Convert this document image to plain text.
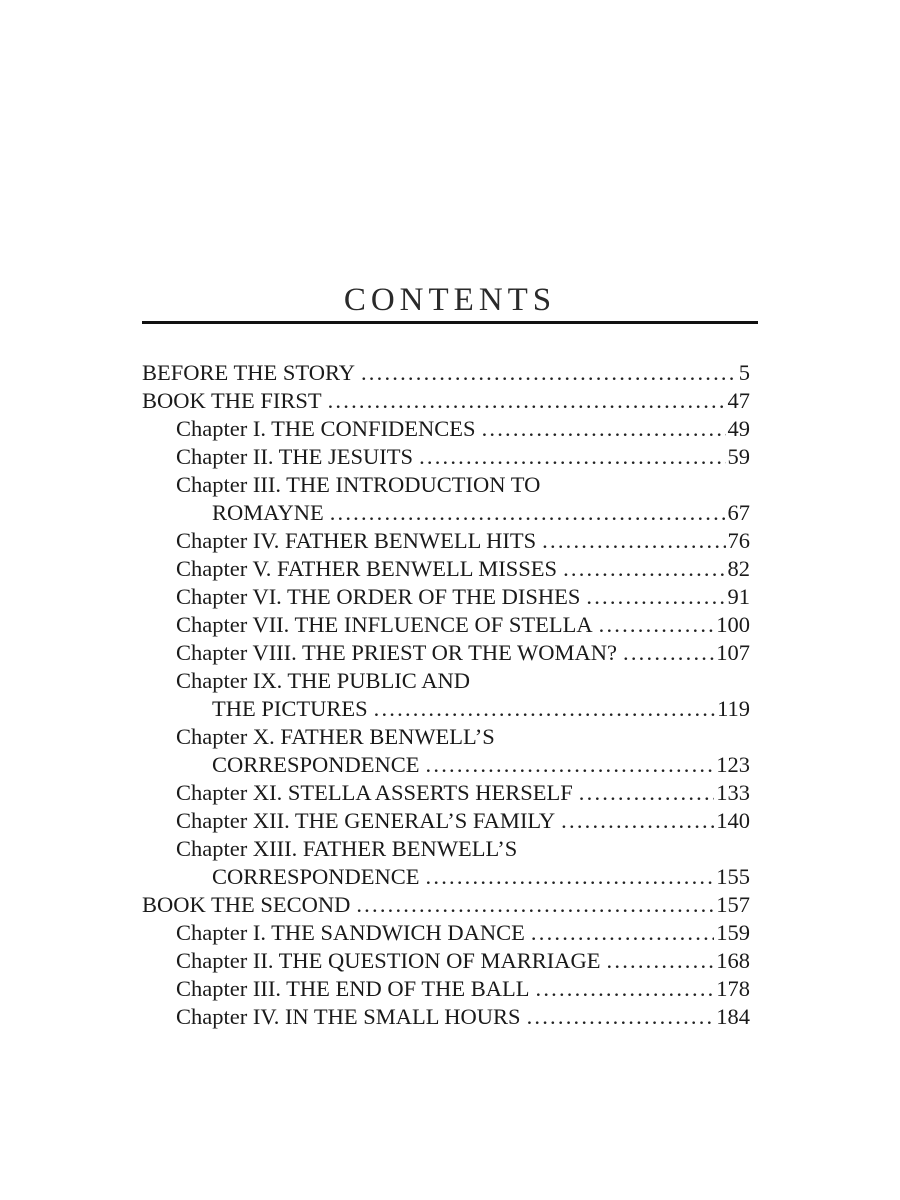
CONTENTS
BEFORE THE STORY .....	5
BOOK THE FIRST .....	47
Chapter I. THE CONFIDENCES .....	49
Chapter II. THE JESUITS .....	59
Chapter III. THE INTRODUCTION TO
ROMAYNE .....	67
Chapter IV. FATHER BENWELL HITS .....	76
Chapter V. FATHER BENWELL MISSES .....	82
Chapter VI. THE ORDER OF THE DISHES .....	91
Chapter VII. THE INFLUENCE OF STELLA .....	100
Chapter VIII. THE PRIEST OR THE WOMAN? .....	107
Chapter IX. THE PUBLIC AND
THE PICTURES .....	119
Chapter X. FATHER BENWELL’S
CORRESPONDENCE .....	123
Chapter XI. STELLA ASSERTS HERSELF .....	133
Chapter XII. THE GENERAL’S FAMILY .....	140
Chapter XIII. FATHER BENWELL’S
CORRESPONDENCE .....	155
BOOK THE SECOND .....	157
Chapter I. THE SANDWICH DANCE .....	159
Chapter II. THE QUESTION OF MARRIAGE .....	168
Chapter III. THE END OF THE BALL .....	178
Chapter IV. IN THE SMALL HOURS .....	184
